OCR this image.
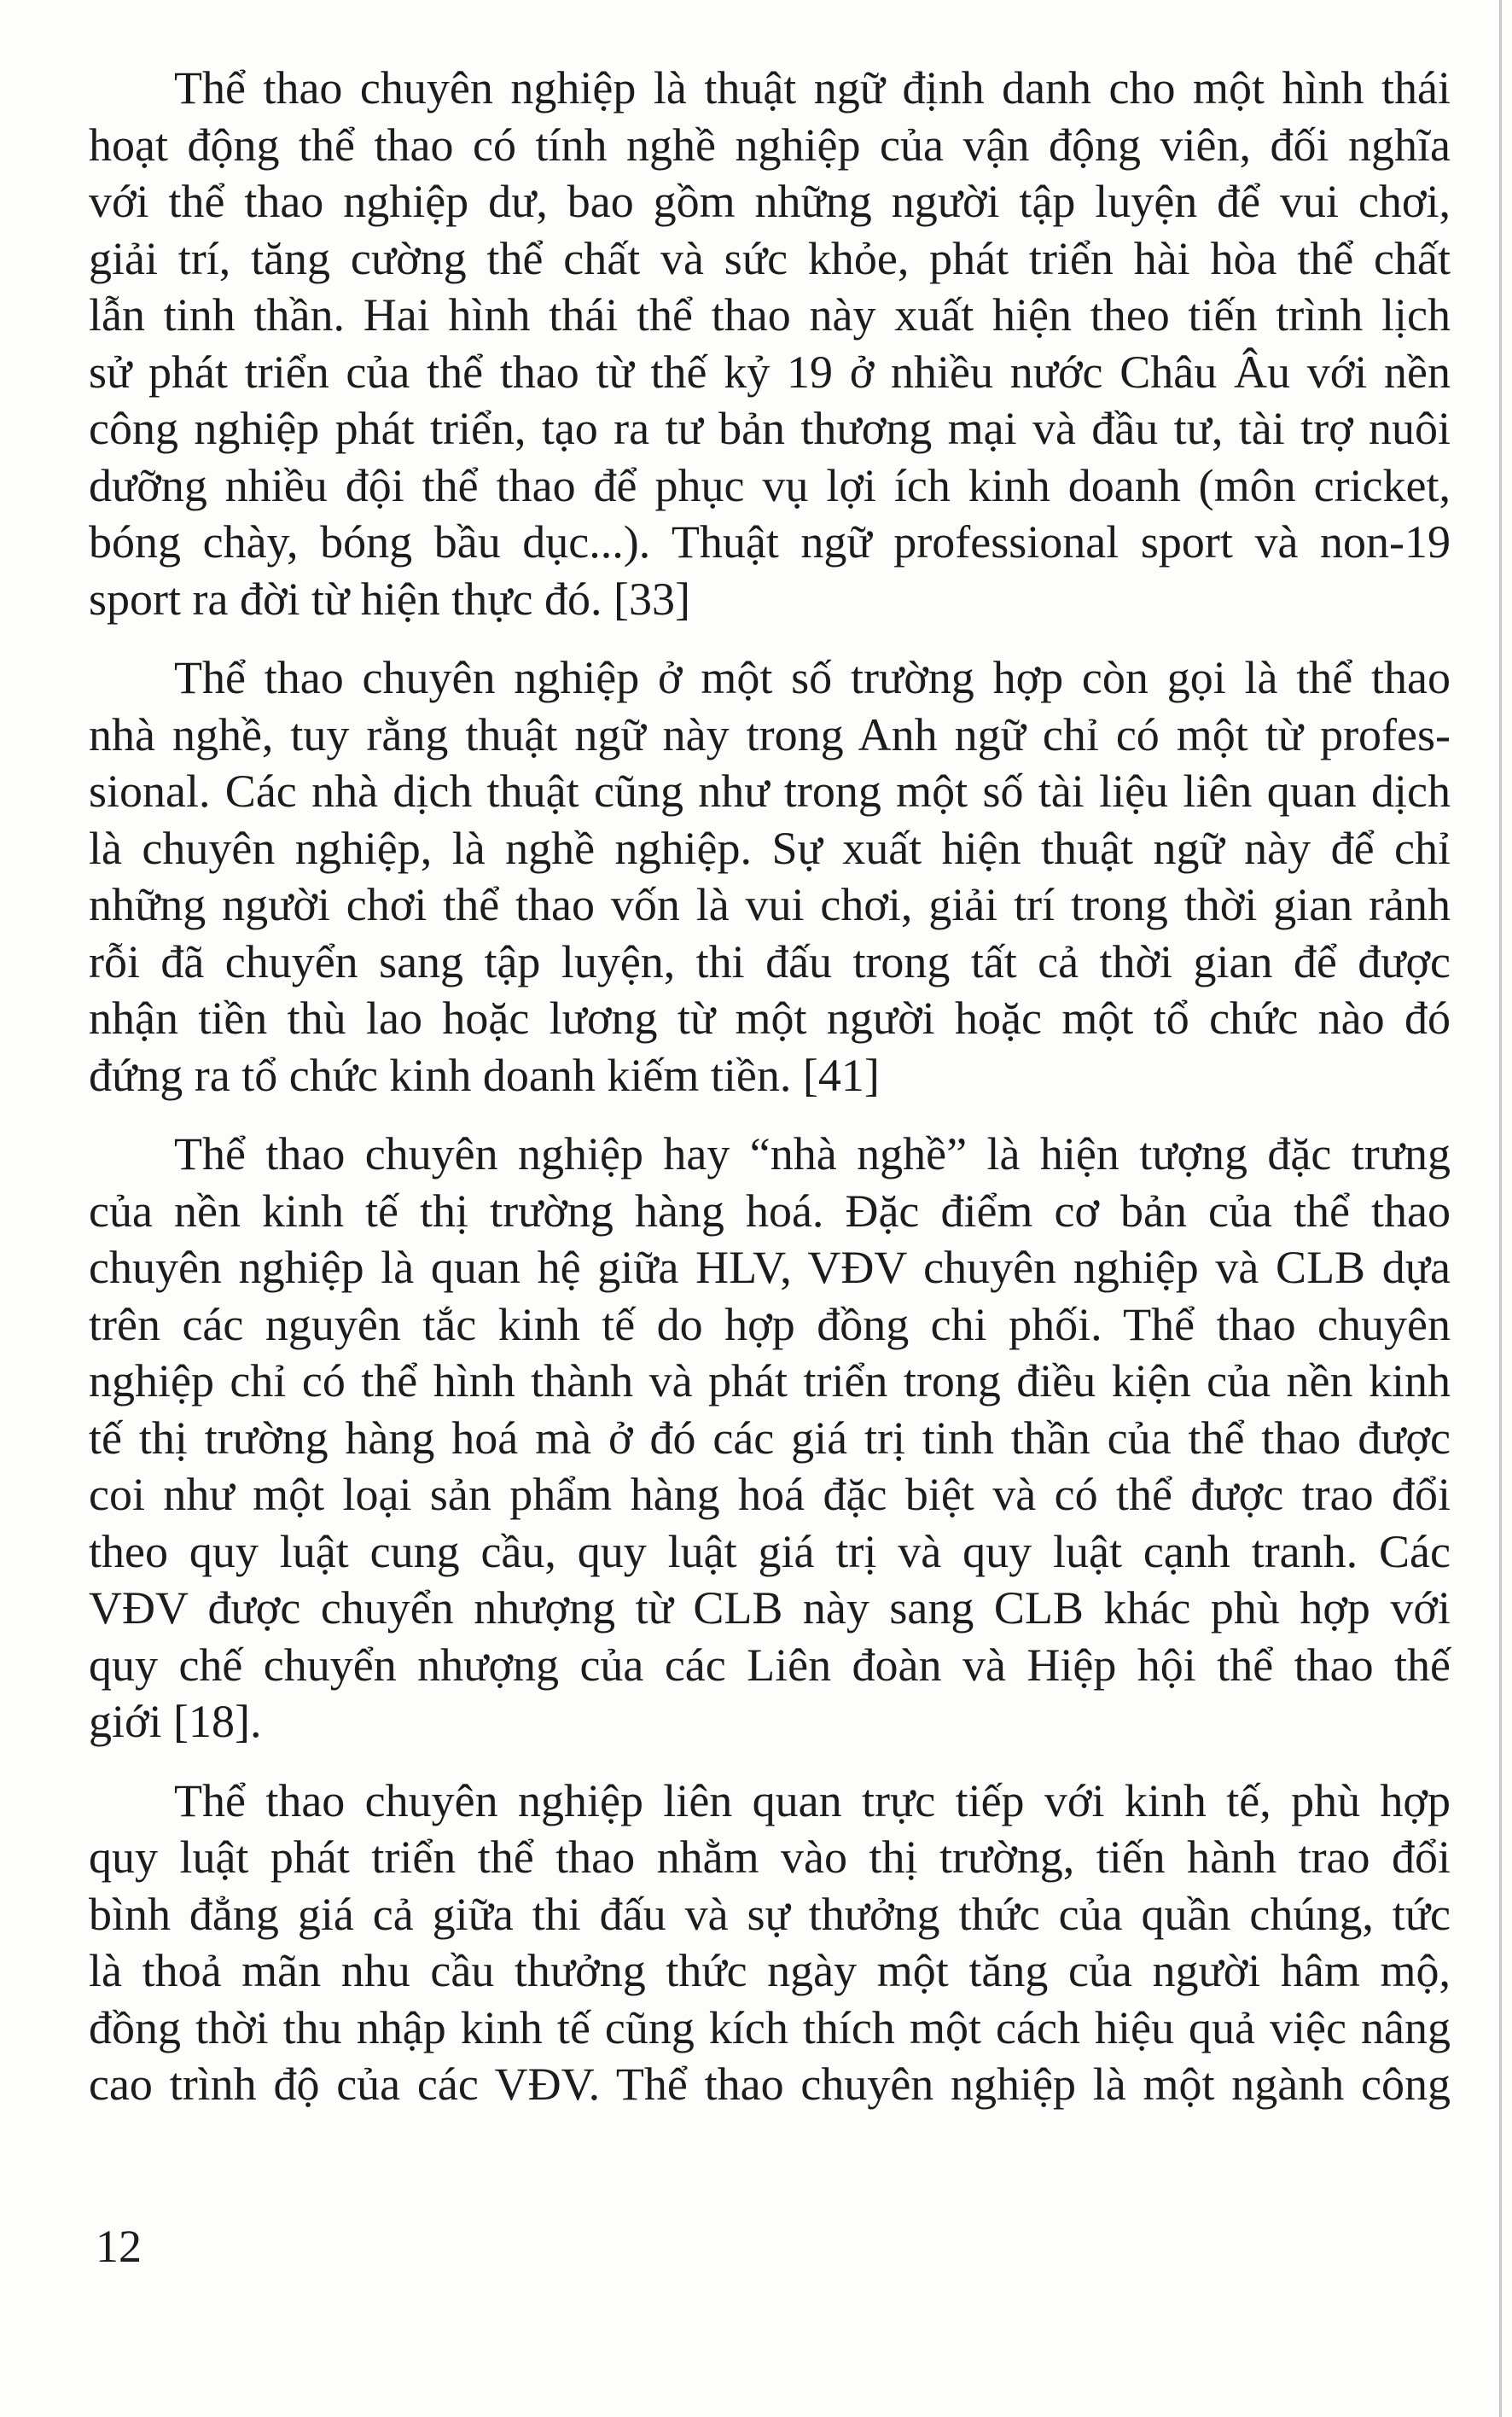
Thể thao chuyên nghiệp là thuật ngữ định danh cho một hình thái
hoạt động thể thao có tính nghề nghiệp của vận động viên, đối nghĩa
với thể thao nghiệp dư, bao gồm những người tập luyện để vui chơi,
giải trí, tăng cường thể chất và sức khỏe, phát triển hài hòa thể chất
lẫn tinh thần. Hai hình thái thể thao này xuất hiện theo tiến trình lịch
sử phát triển của thể thao từ thế kỷ 19 ở nhiều nước Châu Âu với nền
công nghiệp phát triển, tạo ra tư bản thương mại và đầu tư, tài trợ nuôi
dưỡng nhiều đội thể thao để phục vụ lợi ích kinh doanh (môn cricket,
bóng chày, bóng bầu dục...). Thuật ngữ professional sport và non-19
sport ra đời từ hiện thực đó. [33]

Thể thao chuyên nghiệp ở một số trường hợp còn gọi là thể thao
nhà nghề, tuy rằng thuật ngữ này trong Anh ngữ chỉ có một từ profes-
sional. Các nhà dịch thuật cũng như trong một số tài liệu liên quan dịch
là chuyên nghiệp, là nghề nghiệp. Sự xuất hiện thuật ngữ này để chỉ
những người chơi thể thao vốn là vui chơi, giải trí trong thời gian rảnh
rỗi đã chuyển sang tập luyện, thi đấu trong tất cả thời gian để được
nhận tiền thù lao hoặc lương từ một người hoặc một tổ chức nào đó
đứng ra tổ chức kinh doanh kiếm tiền. [41]

Thể thao chuyên nghiệp hay “nhà nghề” là hiện tượng đặc trưng
của nền kinh tế thị trường hàng hoá. Đặc điểm cơ bản của thể thao
chuyên nghiệp là quan hệ giữa HLV, VĐV chuyên nghiệp và CLB dựa
trên các nguyên tắc kinh tế do hợp đồng chi phối. Thể thao chuyên
nghiệp chỉ có thể hình thành và phát triển trong điều kiện của nền kinh
tế thị trường hàng hoá mà ở đó các giá trị tinh thần của thể thao được
coi như một loại sản phẩm hàng hoá đặc biệt và có thể được trao đổi
theo quy luật cung cầu, quy luật giá trị và quy luật cạnh tranh. Các
VĐV được chuyển nhượng từ CLB này sang CLB khác phù hợp với
quy chế chuyển nhượng của các Liên đoàn và Hiệp hội thể thao thế
giới [18].

Thể thao chuyên nghiệp liên quan trực tiếp với kinh tế, phù hợp
quy luật phát triển thể thao nhằm vào thị trường, tiến hành trao đổi
bình đẳng giá cả giữa thi đấu và sự thưởng thức của quần chúng, tức
là thoả mãn nhu cầu thưởng thức ngày một tăng của người hâm mộ,
đồng thời thu nhập kinh tế cũng kích thích một cách hiệu quả việc nâng
cao trình độ của các VĐV. Thể thao chuyên nghiệp là một ngành công

12
